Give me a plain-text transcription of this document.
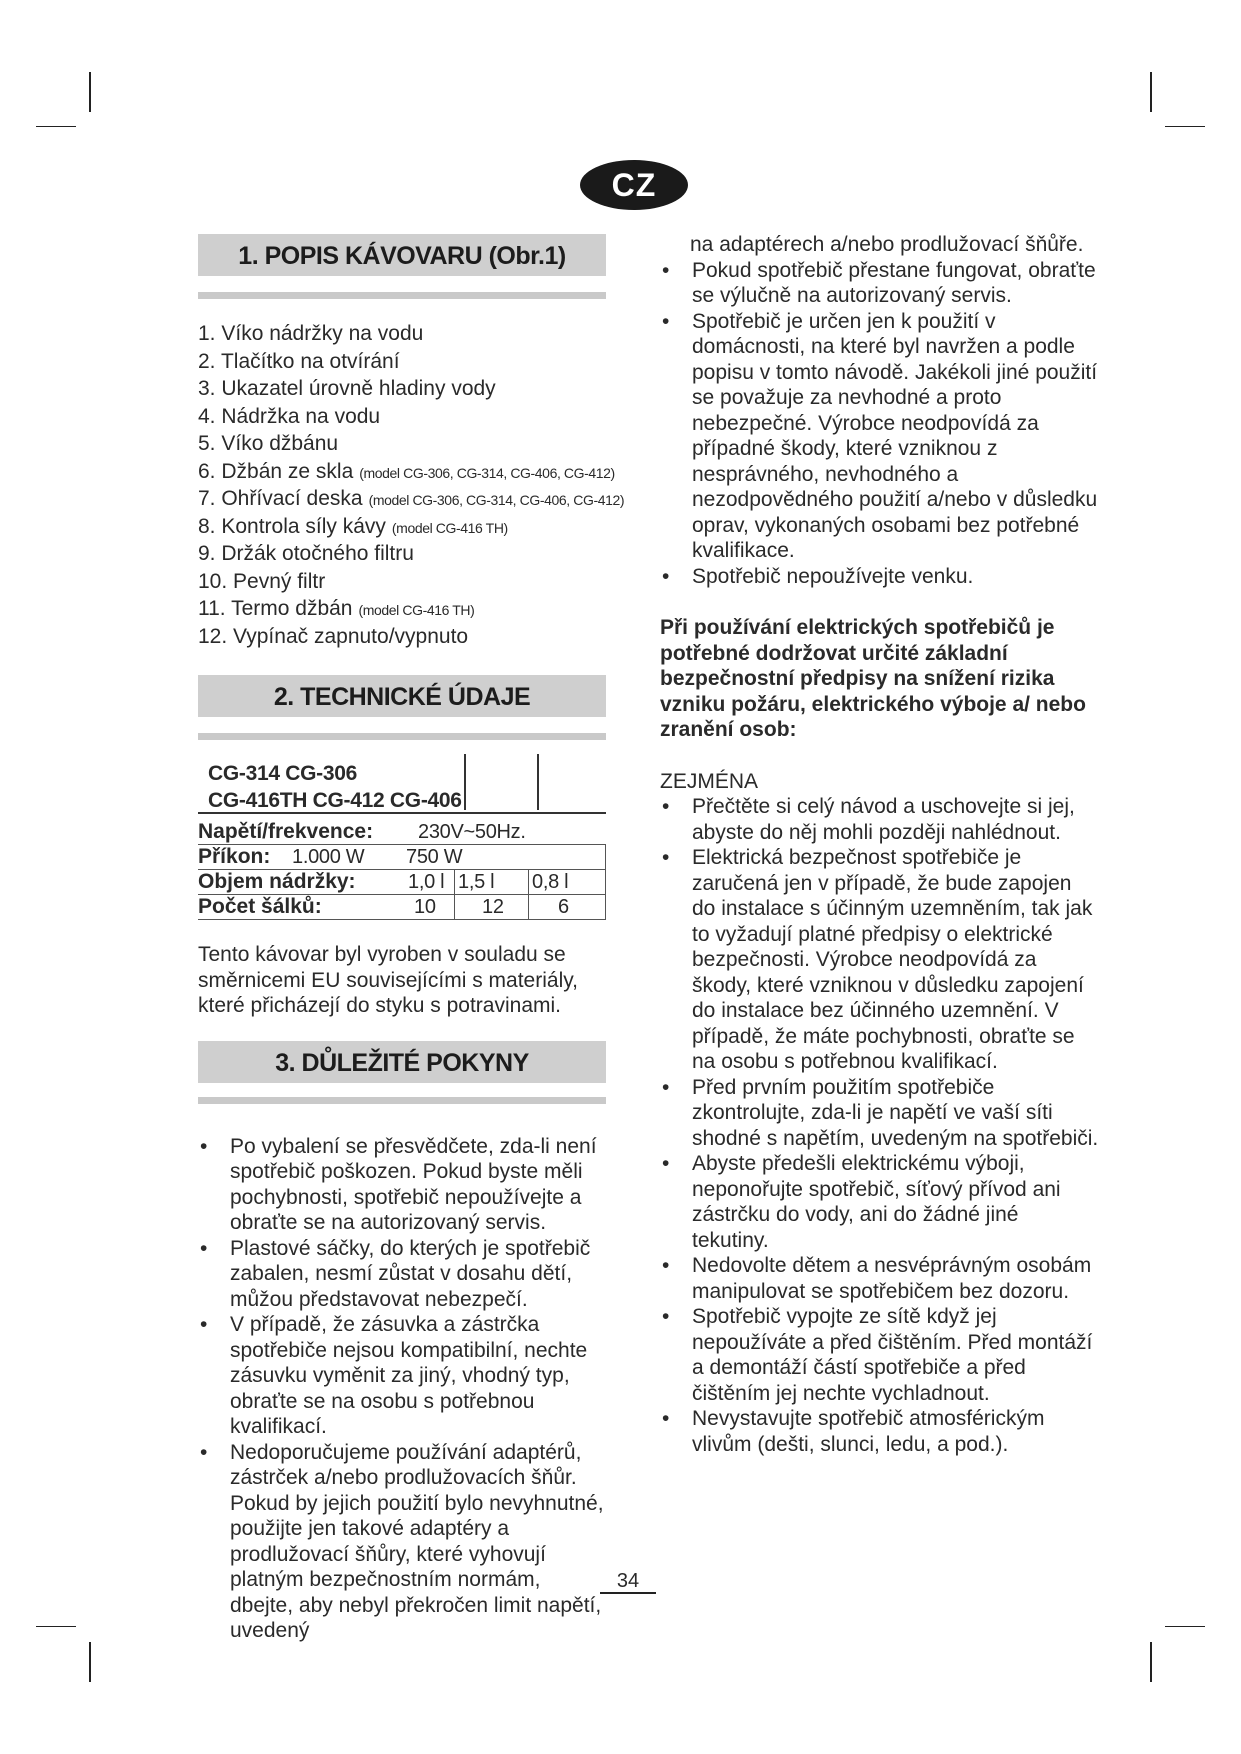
CZ
1. POPIS KÁVOVARU (Obr.1)
1. Víko nádržky na vodu
2. Tlačítko na otvírání
3. Ukazatel úrovně hladiny vody
4. Nádržka na vodu
5. Víko džbánu
6. Džbán ze skla (model CG-306, CG-314, CG-406, CG-412)
7. Ohřívací deska (model CG-306, CG-314, CG-406, CG-412)
8. Kontrola síly kávy (model CG-416 TH)
9. Držák otočného filtru
10. Pevný filtr
11. Termo džbán (model CG-416 TH)
12. Vypínač zapnuto/vypnuto
2. TECHNICKÉ ÚDAJE
CG-314 CG-306
CG-416TH CG-412 CG-406
Napětí/frekvence: 230V~50Hz.
Příkon: 1.000 W 750 W
Objem nádržky:	1,0 l 1,5 l 0,8 l
Počet šálků:	10 12	6

Tento kávovar byl vyroben v souladu se směrnicemi EU souvisejícími s materiály, které přicházejí do styku s potravinami.

3. DŮLEŽITÉ POKYNY
• Po vybalení se přesvědčete, zda-li není spotřebič poškozen. Pokud byste měli pochybnosti, spotřebič nepoužívejte a obraťte se na autorizovaný servis.
• Plastové sáčky, do kterých je spotřebič zabalen, nesmí zůstat v dosahu dětí, můžou představovat nebezpečí.
• V případě, že zásuvka a zástrčka spotřebiče nejsou kompatibilní, nechte zásuvku vyměnit za jiný, vhodný typ, obraťte se na osobu s potřebnou kvalifikací.
• Nedoporučujeme používání adaptérů, zástrček a/nebo prodlužovacích šňůr. Pokud by jejich použití bylo nevyhnutné, použijte jen takové adaptéry a prodlužovací šňůry, které vyhovují platným bezpečnostním normám, dbejte, aby nebyl překročen limit napětí, uvedený
na adaptérech a/nebo prodlužovací šňůře.
• Pokud spotřebič přestane fungovat, obraťte se výlučně na autorizovaný servis.
• Spotřebič je určen jen k použití v domácnosti, na které byl navržen a podle popisu v tomto návodě. Jakékoli jiné použití se považuje za nevhodné a proto nebezpečné. Výrobce neodpovídá za případné škody, které vzniknou z nesprávného, nevhodného a nezodpovědného použití a/nebo v důsledku oprav, vykonaných osobami bez potřebné kvalifikace.
• Spotřebič nepoužívejte venku.
Při používání elektrických spotřebičů je potřebné dodržovat určité základní bezpečnostní předpisy na snížení rizika vzniku požáru, elektrického výboje a/ nebo zranění osob:
ZEJMÉNA
• Přečtěte si celý návod a uschovejte si jej, abyste do něj mohli později nahlédnout.
• Elektrická bezpečnost spotřebiče je zaručená jen v případě, že bude zapojen do instalace s účinným uzemněním, tak jak to vyžadují platné předpisy o elektrické bezpečnosti. Výrobce neodpovídá za škody, které vzniknou v důsledku zapojení do instalace bez účinného uzemnění. V případě, že máte pochybnosti, obraťte se na osobu s potřebnou kvalifikací.
• Před prvním použitím spotřebiče zkontrolujte, zda-li je napětí ve vaší síti shodné s napětím, uvedeným na spotřebiči.
• Abyste předešli elektrickému výboji, neponořujte spotřebič, síťový přívod ani zástrčku do vody, ani do žádné jiné tekutiny.
• Nedovolte dětem a nesvéprávným osobám manipulovat se spotřebičem bez dozoru.
• Spotřebič vypojte ze sítě když jej nepoužíváte a před čištěním. Před montáží a demontáží částí spotřebiče a před čištěním jej nechte vychladnout.
• Nevystavujte spotřebič atmosférickým vlivům (dešti, slunci, ledu, a pod.).
34
